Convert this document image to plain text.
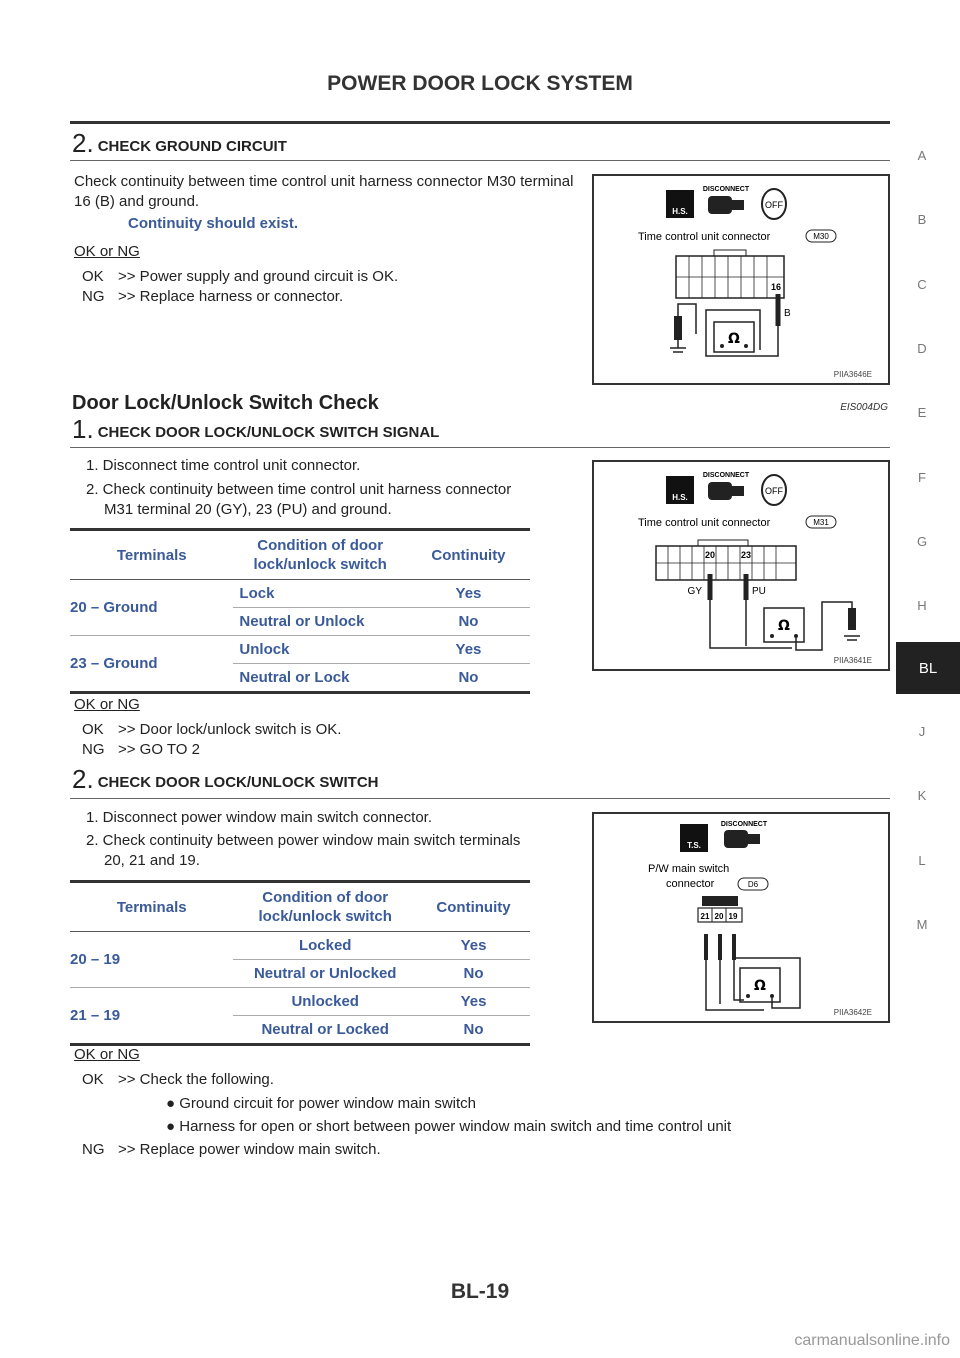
POWER DOOR LOCK SYSTEM
A
B
C
D
E
F
G
H
BL
J
K
L
M
2. CHECK GROUND CIRCUIT
Check continuity between time control unit harness connector M30 terminal 16 (B) and ground.
Continuity should exist.
OK or NG
OK >> Power supply and ground circuit is OK.
NG >> Replace harness or connector.
H.S.
DISCONNECT
OFF
Time control unit connector	M30
16
B
Ω
PIIA3646E
Door Lock/Unlock Switch Check	EIS004DG
1. CHECK DOOR LOCK/UNLOCK SWITCH SIGNAL
1. Disconnect time control unit connector.
2. Check continuity between time control unit harness connector
M31 terminal 20 (GY), 23 (PU) and ground.
Terminals	Condition of door
lock/unlock switch	Continuity
20 – Ground	Lock	Yes
	Neutral or Unlock	No
23 – Ground	Unlock	Yes
	Neutral or Lock	No
OK or NG
OK >> Door lock/unlock switch is OK.
NG >> GO TO 2
H.S.
DISCONNECT
OFF
Time control unit connector	M31
20	23
GY	PU
Ω
PIIA3641E
2. CHECK DOOR LOCK/UNLOCK SWITCH
1. Disconnect power window main switch connector.
2. Check continuity between power window main switch terminals
20, 21 and 19.
Terminals	Condition of door
lock/unlock switch	Continuity
20 – 19	Locked	Yes
	Neutral or Unlocked	No
21 – 19	Unlocked	Yes
	Neutral or Locked	No
OK or NG
OK >> Check the following.
● Ground circuit for power window main switch
● Harness for open or short between power window main switch and time control unit
NG >> Replace power window main switch.
T.S.
DISCONNECT
P/W main switch
connector	D6
21 20 19
Ω
PIIA3642E
BL-19
carmanualsonline.info
